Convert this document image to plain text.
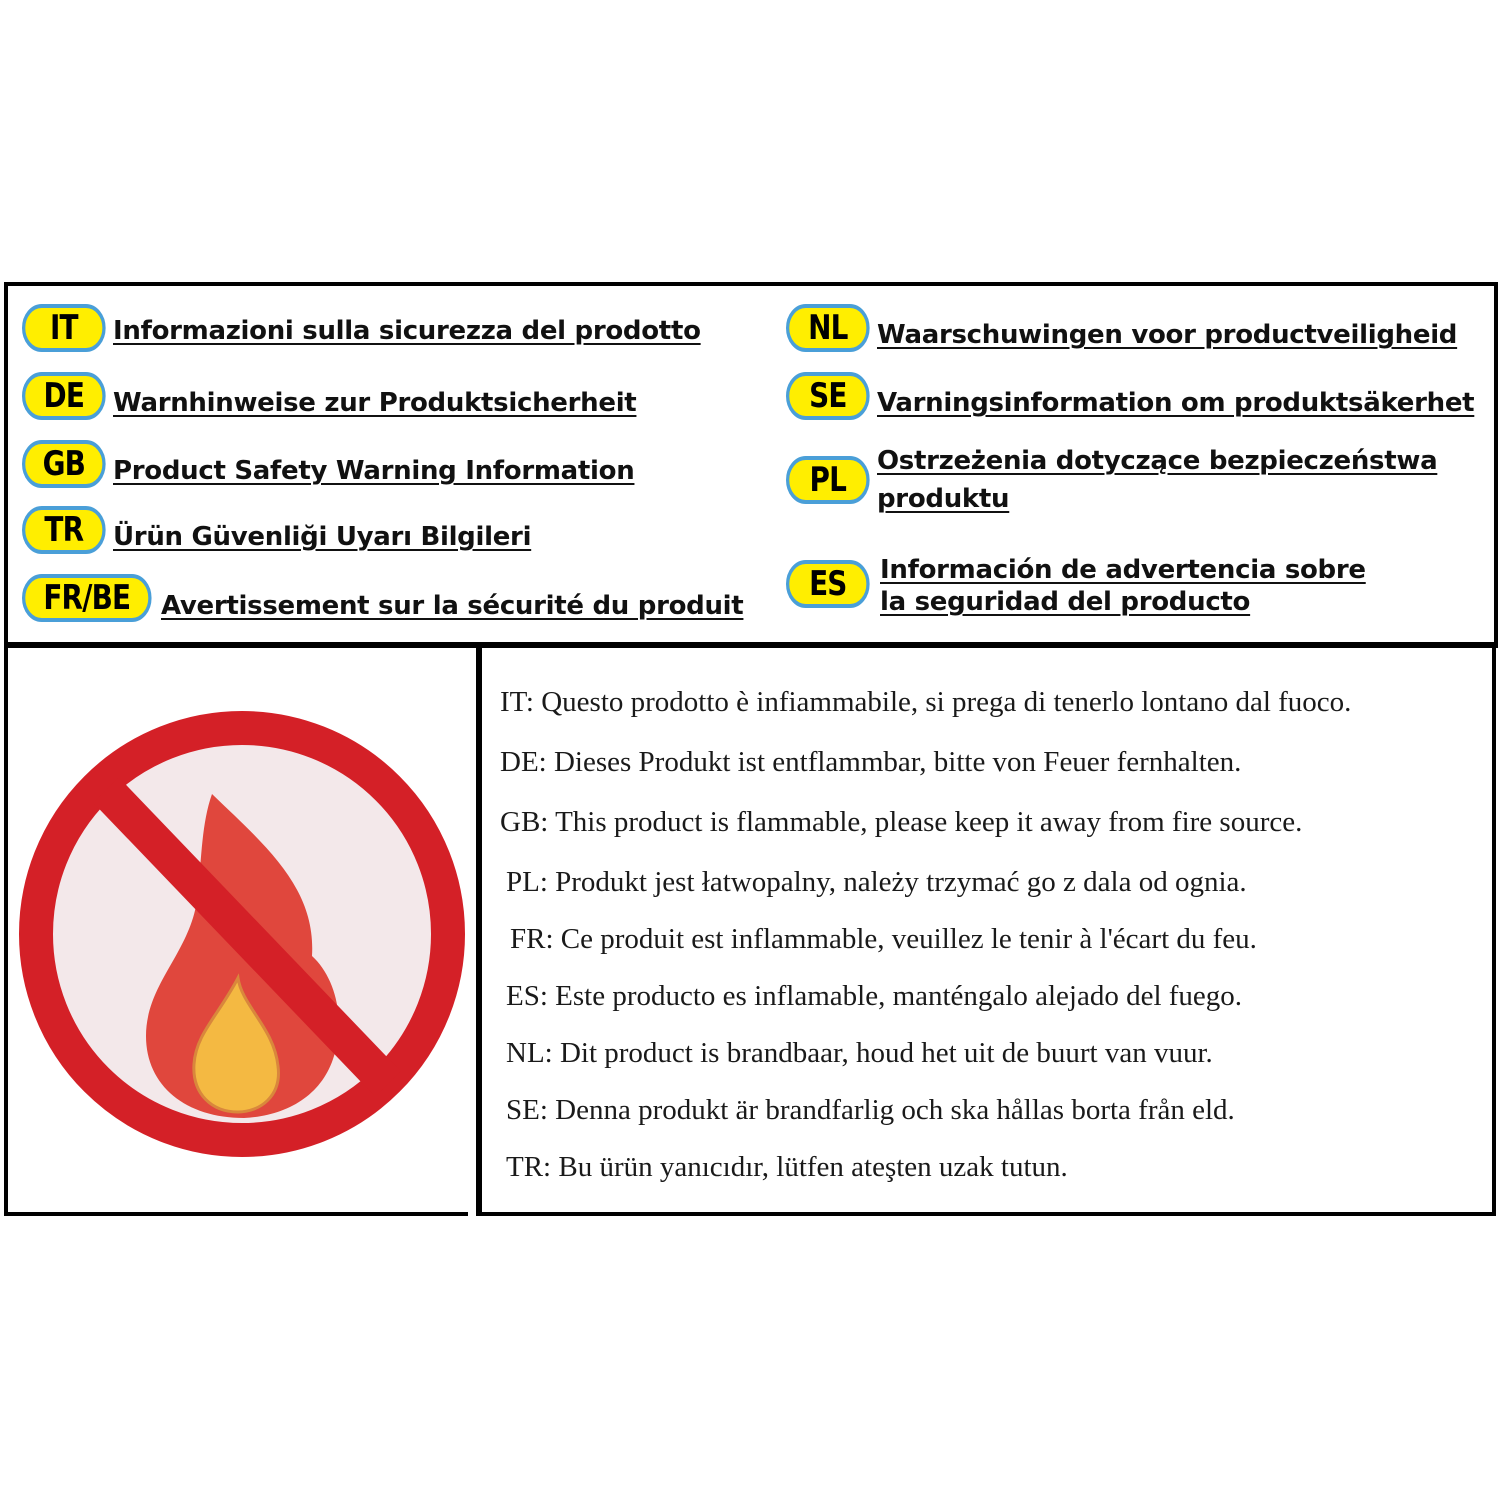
IT	Informazioni sulla sicurezza del prodotto
DE	Warnhinweise zur Produktsicherheit
GB	Product Safety Warning Information
TR	Ürün Güvenliği Uyarı Bilgileri
FR/BE	Avertissement sur la sécurité du produit
NL	Waarschuwingen voor productveiligheid
SE	Varningsinformation om produktsäkerhet
PL	Ostrzeżenia dotyczące bezpieczeństwa
produktu
ES	Información de advertencia sobre
la seguridad del producto
IT: Questo prodotto è infiammabile, si prega di tenerlo lontano dal fuoco.
DE: Dieses Produkt ist entflammbar, bitte von Feuer fernhalten.
GB: This product is flammable, please keep it away from fire source.
PL: Produkt jest łatwopalny, należy trzymać go z dala od ognia.
FR: Ce produit est inflammable, veuillez le tenir à l'écart du feu.
ES: Este producto es inflamable, manténgalo alejado del fuego.
NL: Dit product is brandbaar, houd het uit de buurt van vuur.
SE: Denna produkt är brandfarlig och ska hållas borta från eld.
TR: Bu ürün yanıcıdır, lütfen ateşten uzak tutun.
